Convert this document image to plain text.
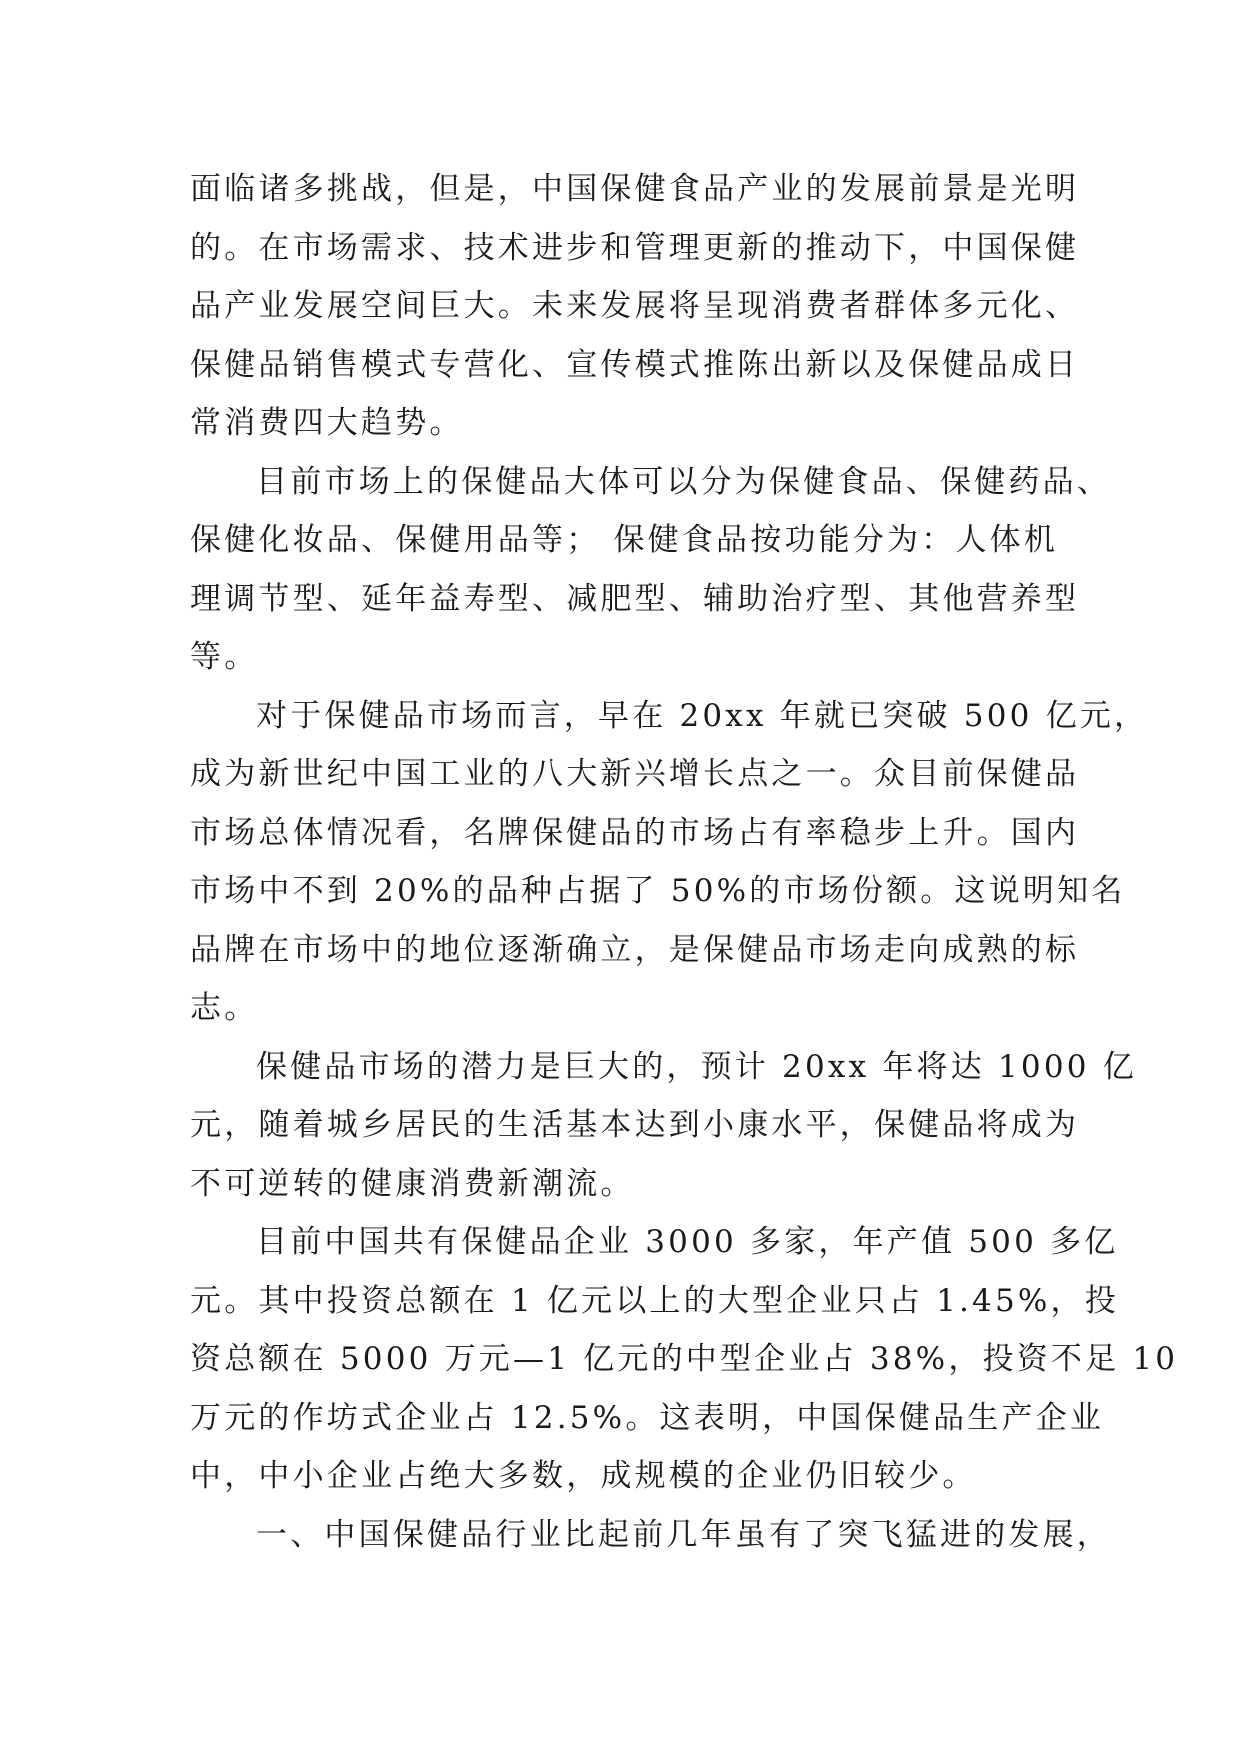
面临诸多挑战，但是，中国保健食品产业的发展前景是光明
的。在市场需求、技术进步和管理更新的推动下，中国保健
品产业发展空间巨大。未来发展将呈现消费者群体多元化、
保健品销售模式专营化、宣传模式推陈出新以及保健品成日
常消费四大趋势。
目前市场上的保健品大体可以分为保健食品、保健药品、
保健化妆品、保健用品等； 保健食品按功能分为：人体机
理调节型、延年益寿型、减肥型、辅助治疗型、其他营养型
等。
对于保健品市场而言，早在 20xx 年就已突破 500 亿元，
成为新世纪中国工业的八大新兴增长点之一。众目前保健品
市场总体情况看，名牌保健品的市场占有率稳步上升。国内
市场中不到 20%的品种占据了 50%的市场份额。这说明知名
品牌在市场中的地位逐渐确立，是保健品市场走向成熟的标
志。
保健品市场的潜力是巨大的，预计 20xx 年将达 1000 亿
元，随着城乡居民的生活基本达到小康水平，保健品将成为
不可逆转的健康消费新潮流。
目前中国共有保健品企业 3000 多家，年产值 500 多亿
元。其中投资总额在 1 亿元以上的大型企业只占 1.45%，投
资总额在 5000 万元—1 亿元的中型企业占 38%，投资不足 10
万元的作坊式企业占 12.5%。这表明，中国保健品生产企业
中，中小企业占绝大多数，成规模的企业仍旧较少。
一、中国保健品行业比起前几年虽有了突飞猛进的发展，
